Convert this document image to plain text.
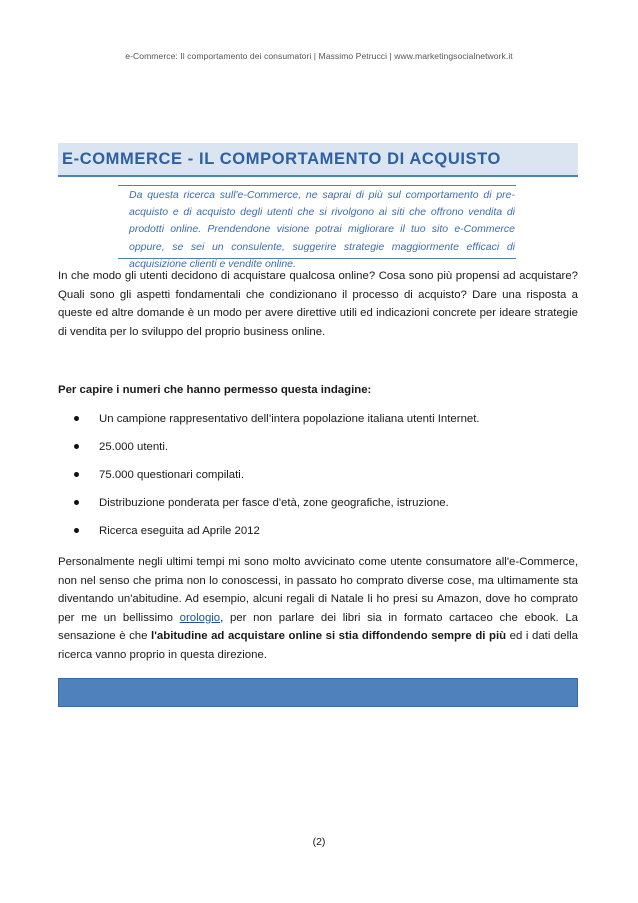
e-Commerce: Il comportamento dei consumatori | Massimo Petrucci | www.marketingsocialnetwork.it
E-COMMERCE - IL COMPORTAMENTO DI ACQUISTO
Da questa ricerca sull'e-Commerce, ne saprai di più sul comportamento di pre-acquisto e di acquisto degli utenti che si rivolgono ai siti che offrono vendita di prodotti online. Prendendone visione potrai migliorare il tuo sito e-Commerce oppure, se sei un consulente, suggerire strategie maggiormente efficaci di acquisizione clienti e vendite online.
In che modo gli utenti decidono di acquistare qualcosa online? Cosa sono più propensi ad acquistare? Quali sono gli aspetti fondamentali che condizionano il processo di acquisto? Dare una risposta a queste ed altre domande è un modo per avere direttive utili ed indicazioni concrete per ideare strategie di vendita per lo sviluppo del proprio business online.
Per capire i numeri che hanno permesso questa indagine:
Un campione rappresentativo dell’intera popolazione italiana utenti Internet.
25.000 utenti.
75.000 questionari compilati.
Distribuzione ponderata per fasce d'età, zone geografiche, istruzione.
Ricerca eseguita ad Aprile 2012
Personalmente negli ultimi tempi mi sono molto avvicinato come utente consumatore all'e-Commerce, non nel senso che prima non lo conoscessi, in passato ho comprato diverse cose, ma ultimamente sta diventando un'abitudine. Ad esempio, alcuni regali di Natale li ho presi su Amazon, dove ho comprato per me un bellissimo orologio, per non parlare dei libri sia in formato cartaceo che ebook. La sensazione è che l'abitudine ad acquistare online si stia diffondendo sempre di più ed i dati della ricerca vanno proprio in questa direzione.
(2)
